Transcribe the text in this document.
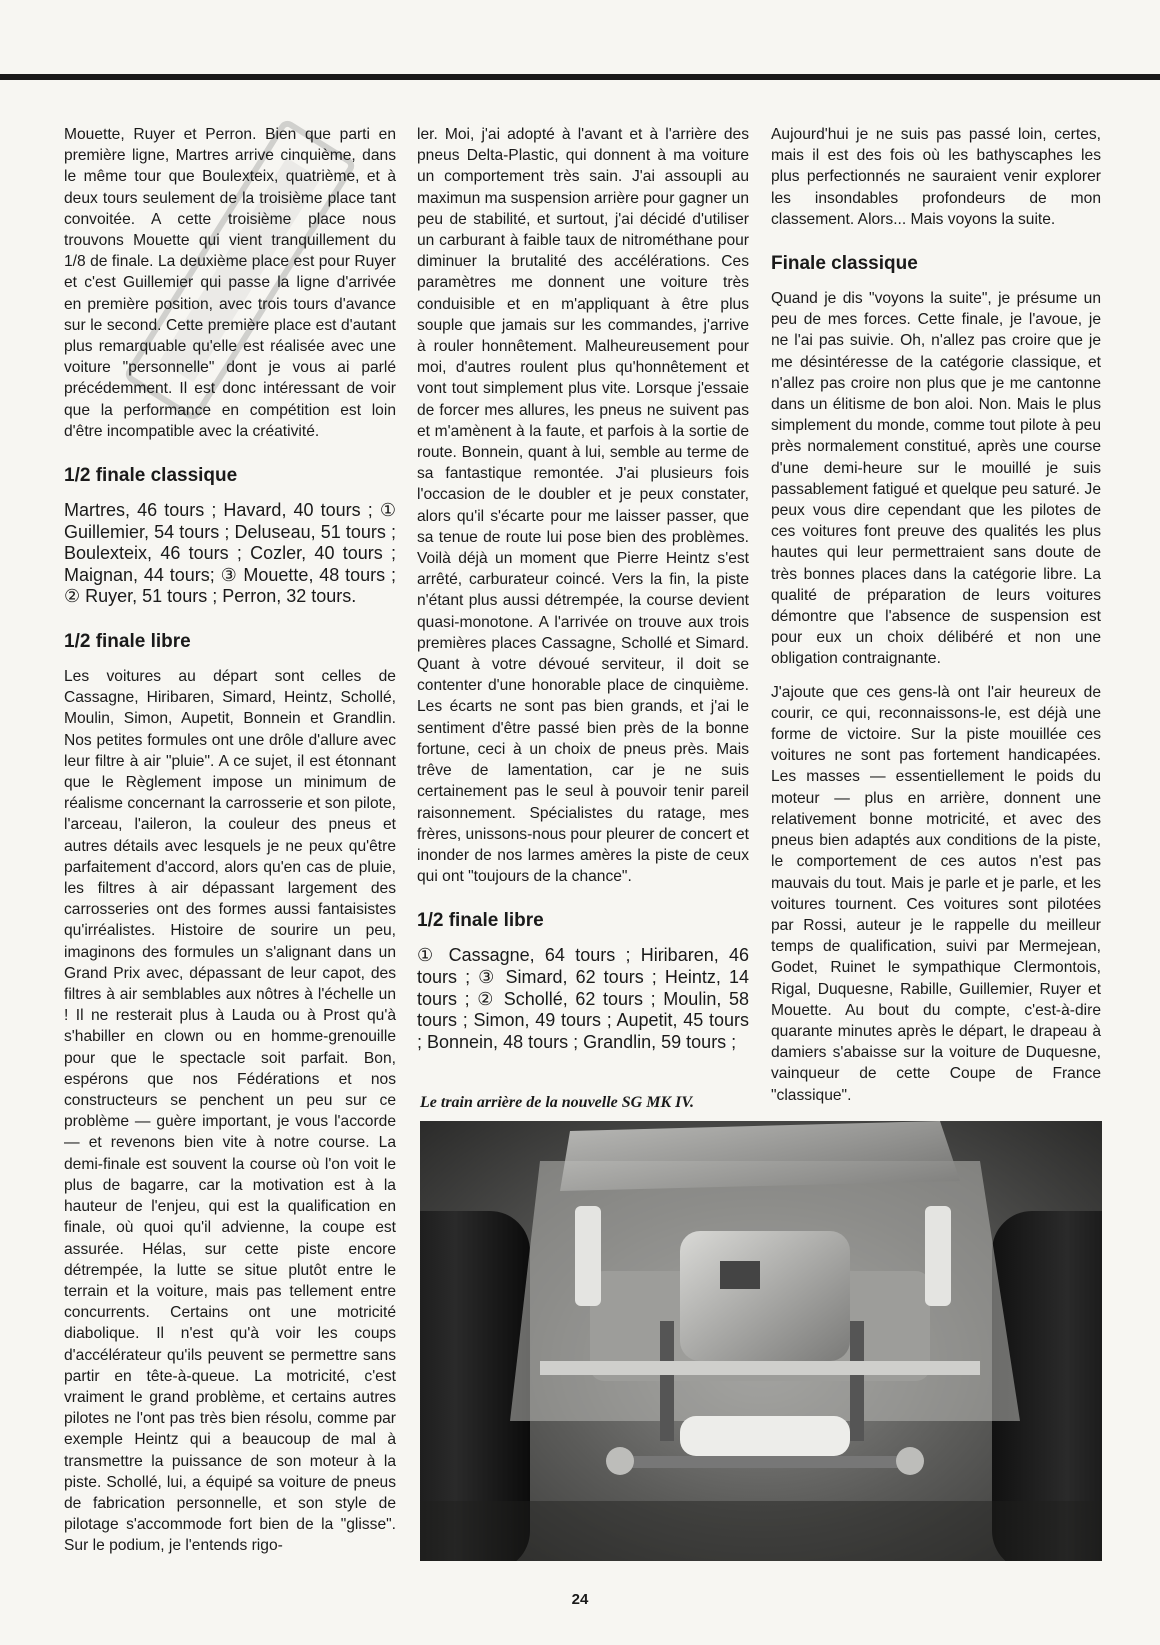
Mouette, Ruyer et Perron. Bien que parti en première ligne, Martres arrive cinquième, dans le même tour que Boulexteix, quatrième, et à deux tours seulement de la troisième place tant convoitée. A cette troisième place nous trouvons Mouette qui vient tranquillement du 1/8 de finale. La deuxième place est pour Ruyer et c'est Guillemier qui passe la ligne d'arrivée en première position, avec trois tours d'avance sur le second. Cette première place est d'autant plus remarquable qu'elle est réalisée avec une voiture "personnelle" dont je vous ai parlé précédemment. Il est donc intéressant de voir que la performance en compétition est loin d'être incompatible avec la créativité.

1/2 finale classique

Martres, 46 tours ; Havard, 40 tours ; ① Guillemier, 54 tours ; Deluseau, 51 tours ; Boulexteix, 46 tours ; Cozler, 40 tours ; Maignan, 44 tours; ③ Mouette, 48 tours ; ② Ruyer, 51 tours ; Perron, 32 tours.

1/2 finale libre

Les voitures au départ sont celles de Cassagne, Hiribaren, Simard, Heintz, Schollé, Moulin, Simon, Aupetit, Bonnein et Grandlin. Nos petites formules ont une drôle d'allure avec leur filtre à air "pluie". A ce sujet, il est étonnant que le Règlement impose un minimum de réalisme concernant la carrosserie et son pilote, l'arceau, l'aileron, la couleur des pneus et autres détails avec lesquels je ne peux qu'être parfaitement d'accord, alors qu'en cas de pluie, les filtres à air dépassant largement des carrosseries ont des formes aussi fantaisistes qu'irréalistes. Histoire de sourire un peu, imaginons des formules un s'alignant dans un Grand Prix avec, dépassant de leur capot, des filtres à air semblables aux nôtres à l'échelle un ! Il ne resterait plus à Lauda ou à Prost qu'à s'habiller en clown ou en homme-grenouille pour que le spectacle soit parfait. Bon, espérons que nos Fédérations et nos constructeurs se penchent un peu sur ce problème — guère important, je vous l'accorde — et revenons bien vite à notre course. La demi-finale est souvent la course où l'on voit le plus de bagarre, car la motivation est à la hauteur de l'enjeu, qui est la qualification en finale, où quoi qu'il advienne, la coupe est assurée. Hélas, sur cette piste encore détrempée, la lutte se situe plutôt entre le terrain et la voiture, mais pas tellement entre concurrents. Certains ont une motricité diabolique. Il n'est qu'à voir les coups d'accélérateur qu'ils peuvent se permettre sans partir en tête-à-queue. La motricité, c'est vraiment le grand problème, et certains autres pilotes ne l'ont pas très bien résolu, comme par exemple Heintz qui a beaucoup de mal à transmettre la puissance de son moteur à la piste. Schollé, lui, a équipé sa voiture de pneus de fabrication personnelle, et son style de pilotage s'accommode fort bien de la "glisse". Sur le podium, je l'entends rigo-

ler. Moi, j'ai adopté à l'avant et à l'arrière des pneus Delta-Plastic, qui donnent à ma voiture un comportement très sain. J'ai assoupli au maximun ma suspension arrière pour gagner un peu de stabilité, et surtout, j'ai décidé d'utiliser un carburant à faible taux de nitrométhane pour diminuer la brutalité des accélérations. Ces paramètres me donnent une voiture très conduisible et en m'appliquant à être plus souple que jamais sur les commandes, j'arrive à rouler honnêtement. Malheureusement pour moi, d'autres roulent plus qu'honnêtement et vont tout simplement plus vite. Lorsque j'essaie de forcer mes allures, les pneus ne suivent pas et m'amènent à la faute, et parfois à la sortie de route. Bonnein, quant à lui, semble au terme de sa fantastique remontée. J'ai plusieurs fois l'occasion de le doubler et je peux constater, alors qu'il s'écarte pour me laisser passer, que sa tenue de route lui pose bien des problèmes. Voilà déjà un moment que Pierre Heintz s'est arrêté, carburateur coincé. Vers la fin, la piste n'étant plus aussi détrempée, la course devient quasi-monotone. A l'arrivée on trouve aux trois premières places Cassagne, Schollé et Simard. Quant à votre dévoué serviteur, il doit se contenter d'une honorable place de cinquième. Les écarts ne sont pas bien grands, et j'ai le sentiment d'être passé bien près de la bonne fortune, ceci à un choix de pneus près. Mais trêve de lamentation, car je ne suis certainement pas le seul à pouvoir tenir pareil raisonnement. Spécialistes du ratage, mes frères, unissons-nous pour pleurer de concert et inonder de nos larmes amères la piste de ceux qui ont "toujours de la chance".

1/2 finale libre

① Cassagne, 64 tours ; Hiribaren, 46 tours ; ③ Simard, 62 tours ; Heintz, 14 tours ; ② Schollé, 62 tours ; Moulin, 58 tours ; Simon, 49 tours ; Aupetit, 45 tours ; Bonnein, 48 tours ; Grandlin, 59 tours ;

Aujourd'hui je ne suis pas passé loin, certes, mais il est des fois où les bathyscaphes les plus perfectionnés ne sauraient venir explorer les insondables profondeurs de mon classement. Alors... Mais voyons la suite.

Finale classique

Quand je dis "voyons la suite", je présume un peu de mes forces. Cette finale, je l'avoue, je ne l'ai pas suivie. Oh, n'allez pas croire que je me désintéresse de la catégorie classique, et n'allez pas croire non plus que je me cantonne dans un élitisme de bon aloi. Non. Mais le plus simplement du monde, comme tout pilote à peu près normalement constitué, après une course d'une demi-heure sur le mouillé je suis passablement fatigué et quelque peu saturé. Je peux vous dire cependant que les pilotes de ces voitures font preuve des qualités les plus hautes qui leur permettraient sans doute de très bonnes places dans la catégorie libre. La qualité de préparation de leurs voitures démontre que l'absence de suspension est pour eux un choix délibéré et non une obligation contraignante.

J'ajoute que ces gens-là ont l'air heureux de courir, ce qui, reconnaissons-le, est déjà une forme de victoire. Sur la piste mouillée ces voitures ne sont pas fortement handicapées. Les masses — essentiellement le poids du moteur — plus en arrière, donnent une relativement bonne motricité, et avec des pneus bien adaptés aux conditions de la piste, le comportement de ces autos n'est pas mauvais du tout. Mais je parle et je parle, et les voitures tournent. Ces voitures sont pilotées par Rossi, auteur je le rappelle du meilleur temps de qualification, suivi par Mermejean, Godet, Ruinet le sympathique Clermontois, Rigal, Duquesne, Rabille, Guillemier, Ruyer et Mouette. Au bout du compte, c'est-à-dire quarante minutes après le départ, le drapeau à damiers s'abaisse sur la voiture de Duquesne, vainqueur de cette Coupe de France "classique".

Le train arrière de la nouvelle SG MK IV.
24
